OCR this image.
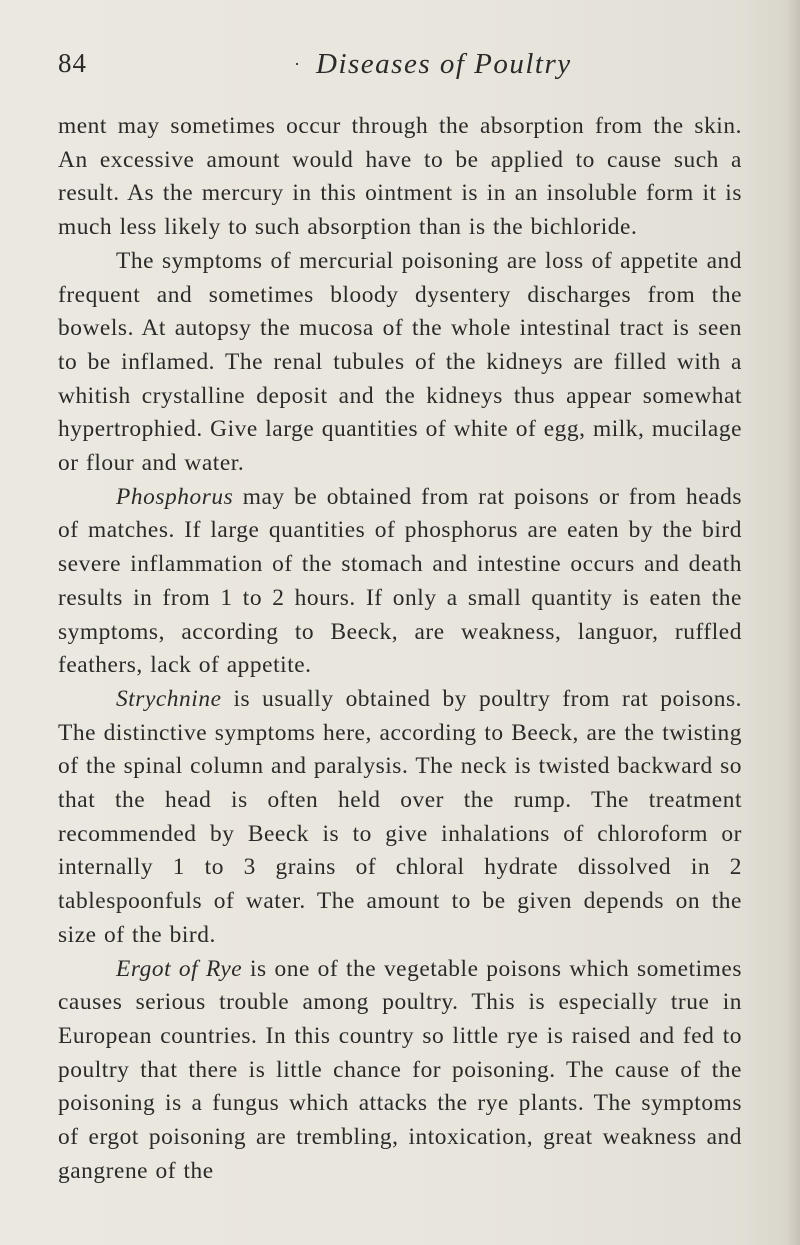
84	· Diseases of Poultry

ment may sometimes occur through the absorption from the skin. An excessive amount would have to be applied to cause such a result. As the mercury in this ointment is in an insoluble form it is much less likely to such absorption than is the bichloride.

The symptoms of mercurial poisoning are loss of appetite and frequent and sometimes bloody dysentery discharges from the bowels. At autopsy the mucosa of the whole intestinal tract is seen to be inflamed. The renal tubules of the kidneys are filled with a whitish crystalline deposit and the kidneys thus appear somewhat hypertrophied. Give large quantities of white of egg, milk, mucilage or flour and water.

Phosphorus may be obtained from rat poisons or from heads of matches. If large quantities of phosphorus are eaten by the bird severe inflammation of the stomach and intestine occurs and death results in from 1 to 2 hours. If only a small quantity is eaten the symptoms, according to Beeck, are weakness, languor, ruffled feathers, lack of appetite.

Strychnine is usually obtained by poultry from rat poisons. The distinctive symptoms here, according to Beeck, are the twisting of the spinal column and paralysis. The neck is twisted backward so that the head is often held over the rump. The treatment recommended by Beeck is to give inhalations of chloroform or internally 1 to 3 grains of chloral hydrate dissolved in 2 tablespoonfuls of water. The amount to be given depends on the size of the bird.

Ergot of Rye is one of the vegetable poisons which sometimes causes serious trouble among poultry. This is especially true in European countries. In this country so little rye is raised and fed to poultry that there is little chance for poisoning. The cause of the poisoning is a fungus which attacks the rye plants. The symptoms of ergot poisoning are trembling, intoxication, great weakness and gangrene of the
